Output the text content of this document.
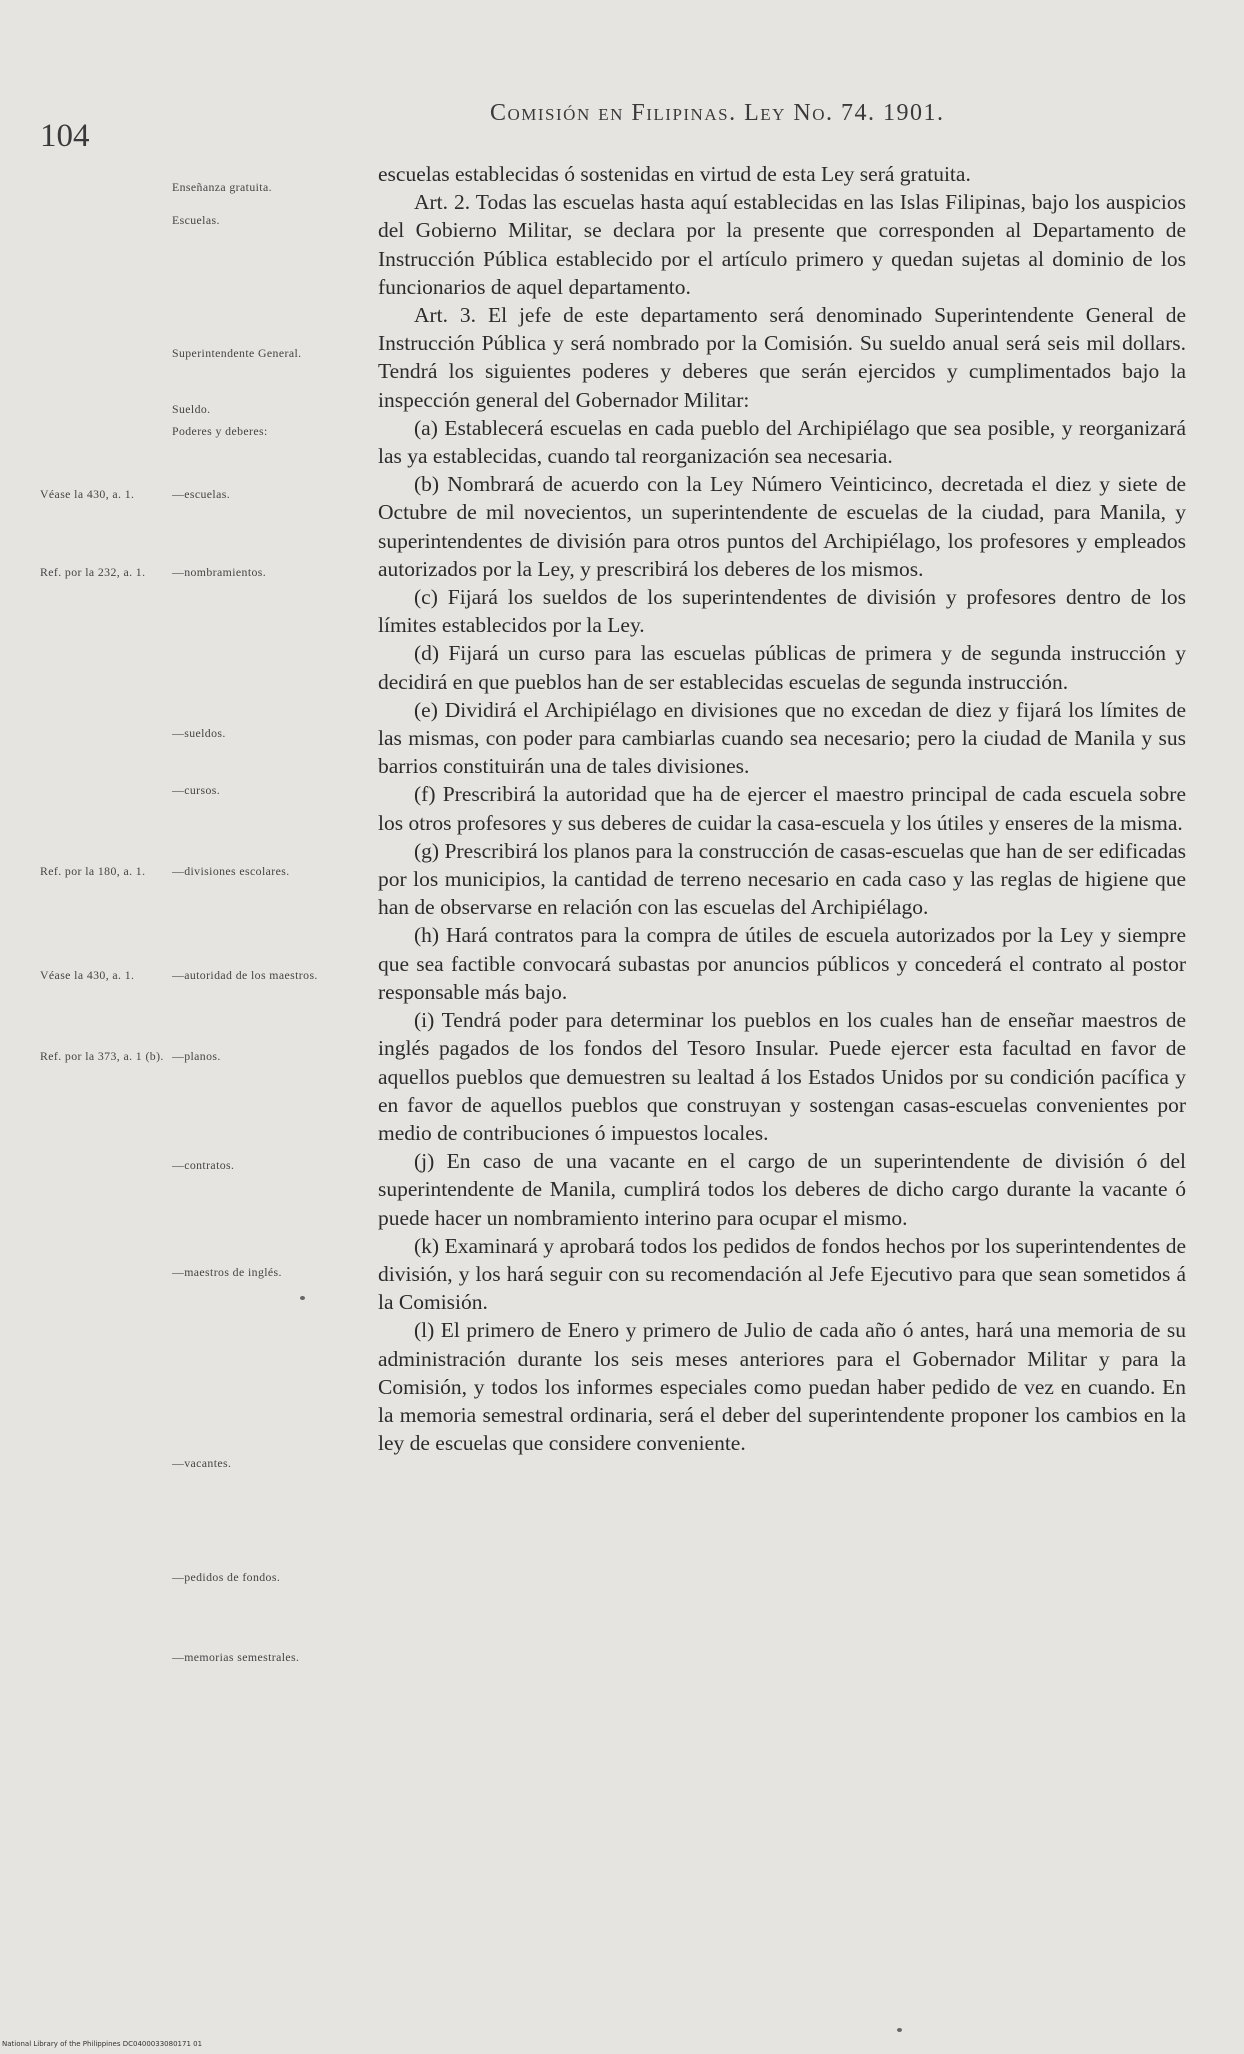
104
Comisión en Filipinas. Ley No. 74. 1901.

escuelas establecidas ó sostenidas en virtud de esta Ley será gratuita.

Art. 2. Todas las escuelas hasta aquí establecidas en las Islas Filipinas, bajo los auspicios del Gobierno Militar, se declara por la presente que corresponden al Departamento de Instrucción Pública establecido por el artículo primero y quedan sujetas al dominio de los funcionarios de aquel departamento.

Art. 3. El jefe de este departamento será denominado Superintendente General de Instrucción Pública y será nombrado por la Comisión. Su sueldo anual será seis mil dollars. Tendrá los siguientes poderes y deberes que serán ejercidos y cumplimentados bajo la inspección general del Gobernador Militar:

(a) Establecerá escuelas en cada pueblo del Archipiélago que sea posible, y reorganizará las ya establecidas, cuando tal reorganización sea necesaria.

(b) Nombrará de acuerdo con la Ley Número Veinticinco, decretada el diez y siete de Octubre de mil novecientos, un superintendente de escuelas de la ciudad, para Manila, y superintendentes de división para otros puntos del Archipiélago, los profesores y empleados autorizados por la Ley, y prescribirá los deberes de los mismos.

(c) Fijará los sueldos de los superintendentes de división y profesores dentro de los límites establecidos por la Ley.

(d) Fijará un curso para las escuelas públicas de primera y de segunda instrucción y decidirá en que pueblos han de ser establecidas escuelas de segunda instrucción.

(e) Dividirá el Archipiélago en divisiones que no excedan de diez y fijará los límites de las mismas, con poder para cambiarlas cuando sea necesario; pero la ciudad de Manila y sus barrios constituirán una de tales divisiones.

(f) Prescribirá la autoridad que ha de ejercer el maestro principal de cada escuela sobre los otros profesores y sus deberes de cuidar la casa-escuela y los útiles y enseres de la misma.

(g) Prescribirá los planos para la construcción de casas-escuelas que han de ser edificadas por los municipios, la cantidad de terreno necesario en cada caso y las reglas de higiene que han de observarse en relación con las escuelas del Archipiélago.

(h) Hará contratos para la compra de útiles de escuela autorizados por la Ley y siempre que sea factible convocará subastas por anuncios públicos y concederá el contrato al postor responsable más bajo.

(i) Tendrá poder para determinar los pueblos en los cuales han de enseñar maestros de inglés pagados de los fondos del Tesoro Insular. Puede ejercer esta facultad en favor de aquellos pueblos que demuestren su lealtad á los Estados Unidos por su condición pacífica y en favor de aquellos pueblos que construyan y sostengan casas-escuelas convenientes por medio de contribuciones ó impuestos locales.

(j) En caso de una vacante en el cargo de un superintendente de división ó del superintendente de Manila, cumplirá todos los deberes de dicho cargo durante la vacante ó puede hacer un nombramiento interino para ocupar el mismo.

(k) Examinará y aprobará todos los pedidos de fondos hechos por los superintendentes de división, y los hará seguir con su recomendación al Jefe Ejecutivo para que sean sometidos á la Comisión.

(l) El primero de Enero y primero de Julio de cada año ó antes, hará una memoria de su administración durante los seis meses anteriores para el Gobernador Militar y para la Comisión, y todos los informes especiales como puedan haber pedido de vez en cuando. En la memoria semestral ordinaria, será el deber del superintendente proponer los cambios en la ley de escuelas que considere conveniente.

Enseñanza gratuita.
Escuelas.
Superintendente General.
Sueldo.
Poderes y deberes:
—escuelas.
—nombramientos.
—sueldos.
—cursos.
—divisiones escolares.
—autoridad de los maestros.
—planos.
—contratos.
—maestros de inglés.
—vacantes.
—pedidos de fondos.
—memorias semestrales.
Véase la 430, a. 1.
Ref. por la 232, a. 1.
Ref. por la 180, a. 1.
Véase la 430, a. 1.
Ref. por la 373, a. 1 (b).
National Library of the Philippines DC0400033080171 01
